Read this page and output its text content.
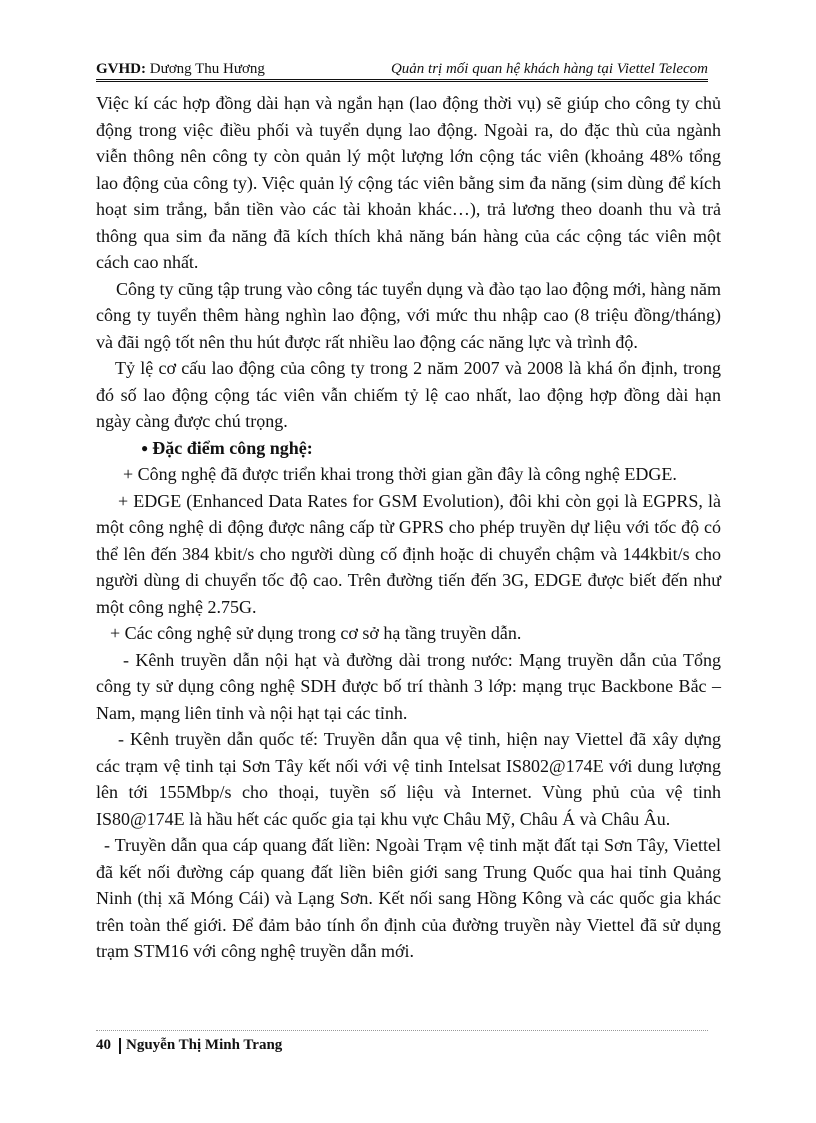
GVHD: Dương Thu Hương	Quản trị mối quan hệ khách hàng tại Viettel Telecom

Việc kí các hợp đồng dài hạn và ngắn hạn (lao động thời vụ) sẽ giúp cho công ty chủ động trong việc điều phối và tuyển dụng lao động. Ngoài ra, do đặc thù của ngành viễn thông nên công ty còn quản lý một lượng lớn cộng tác viên (khoảng 48% tổng lao động của công ty). Việc quản lý cộng tác viên bằng sim đa năng (sim dùng để kích hoạt sim trắng, bắn tiền vào các tài khoản khác…), trả lương theo doanh thu và trả thông qua sim đa năng đã kích thích khả năng bán hàng của các cộng tác viên một cách cao nhất.

Công ty cũng tập trung vào công tác tuyển dụng và đào tạo lao động mới, hàng năm công ty tuyển thêm hàng nghìn lao động, với mức thu nhập cao (8 triệu đồng/tháng) và đãi ngộ tốt nên thu hút được rất nhiều lao động các năng lực và trình độ.

Tỷ lệ cơ cấu lao động của công ty trong 2 năm 2007 và 2008 là khá ổn định, trong đó số lao động cộng tác viên vẫn chiếm tỷ lệ cao nhất, lao động hợp đồng dài hạn ngày càng được chú trọng.

● Đặc điểm công nghệ:

+ Công nghệ đã được triển khai trong thời gian gần đây là công nghệ EDGE.

+ EDGE (Enhanced Data Rates for GSM Evolution), đôi khi còn gọi là EGPRS, là một công nghệ di động được nâng cấp từ GPRS cho phép truyền dự liệu với tốc độ có thể lên đến 384 kbit/s cho người dùng cố định hoặc di chuyển chậm và 144kbit/s cho người dùng di chuyển tốc độ cao. Trên đường tiến đến 3G, EDGE được biết đến như một công nghệ 2.75G.

+ Các công nghệ sử dụng trong cơ sở hạ tầng truyền dẫn.

- Kênh truyền dẫn nội hạt và đường dài trong nước: Mạng truyền dẫn của Tổng công ty sử dụng công nghệ SDH được bố trí thành 3 lớp: mạng trục Backbone Bắc – Nam, mạng liên tỉnh và nội hạt tại các tỉnh.

- Kênh truyền dẫn quốc tế: Truyền dẫn qua vệ tinh, hiện nay Viettel đã xây dựng các trạm vệ tinh tại Sơn Tây kết nối với vệ tinh Intelsat IS802@174E với dung lượng lên tới 155Mbp/s cho thoại, tuyền số liệu và Internet. Vùng phủ của vệ tinh IS80@174E là hầu hết các quốc gia tại khu vực Châu Mỹ, Châu Á và Châu Âu.

- Truyền dẫn qua cáp quang đất liền: Ngoài Trạm vệ tinh mặt đất tại Sơn Tây, Viettel đã kết nối đường cáp quang đất liền biên giới sang Trung Quốc qua hai tỉnh Quảng Ninh (thị xã Móng Cái) và Lạng Sơn. Kết nối sang Hồng Kông và các quốc gia khác trên toàn thế giới. Để đảm bảo tính ổn định của đường truyền này Viettel đã sử dụng trạm STM16 với công nghệ truyền dẫn mới.

40 Nguyễn Thị Minh Trang
